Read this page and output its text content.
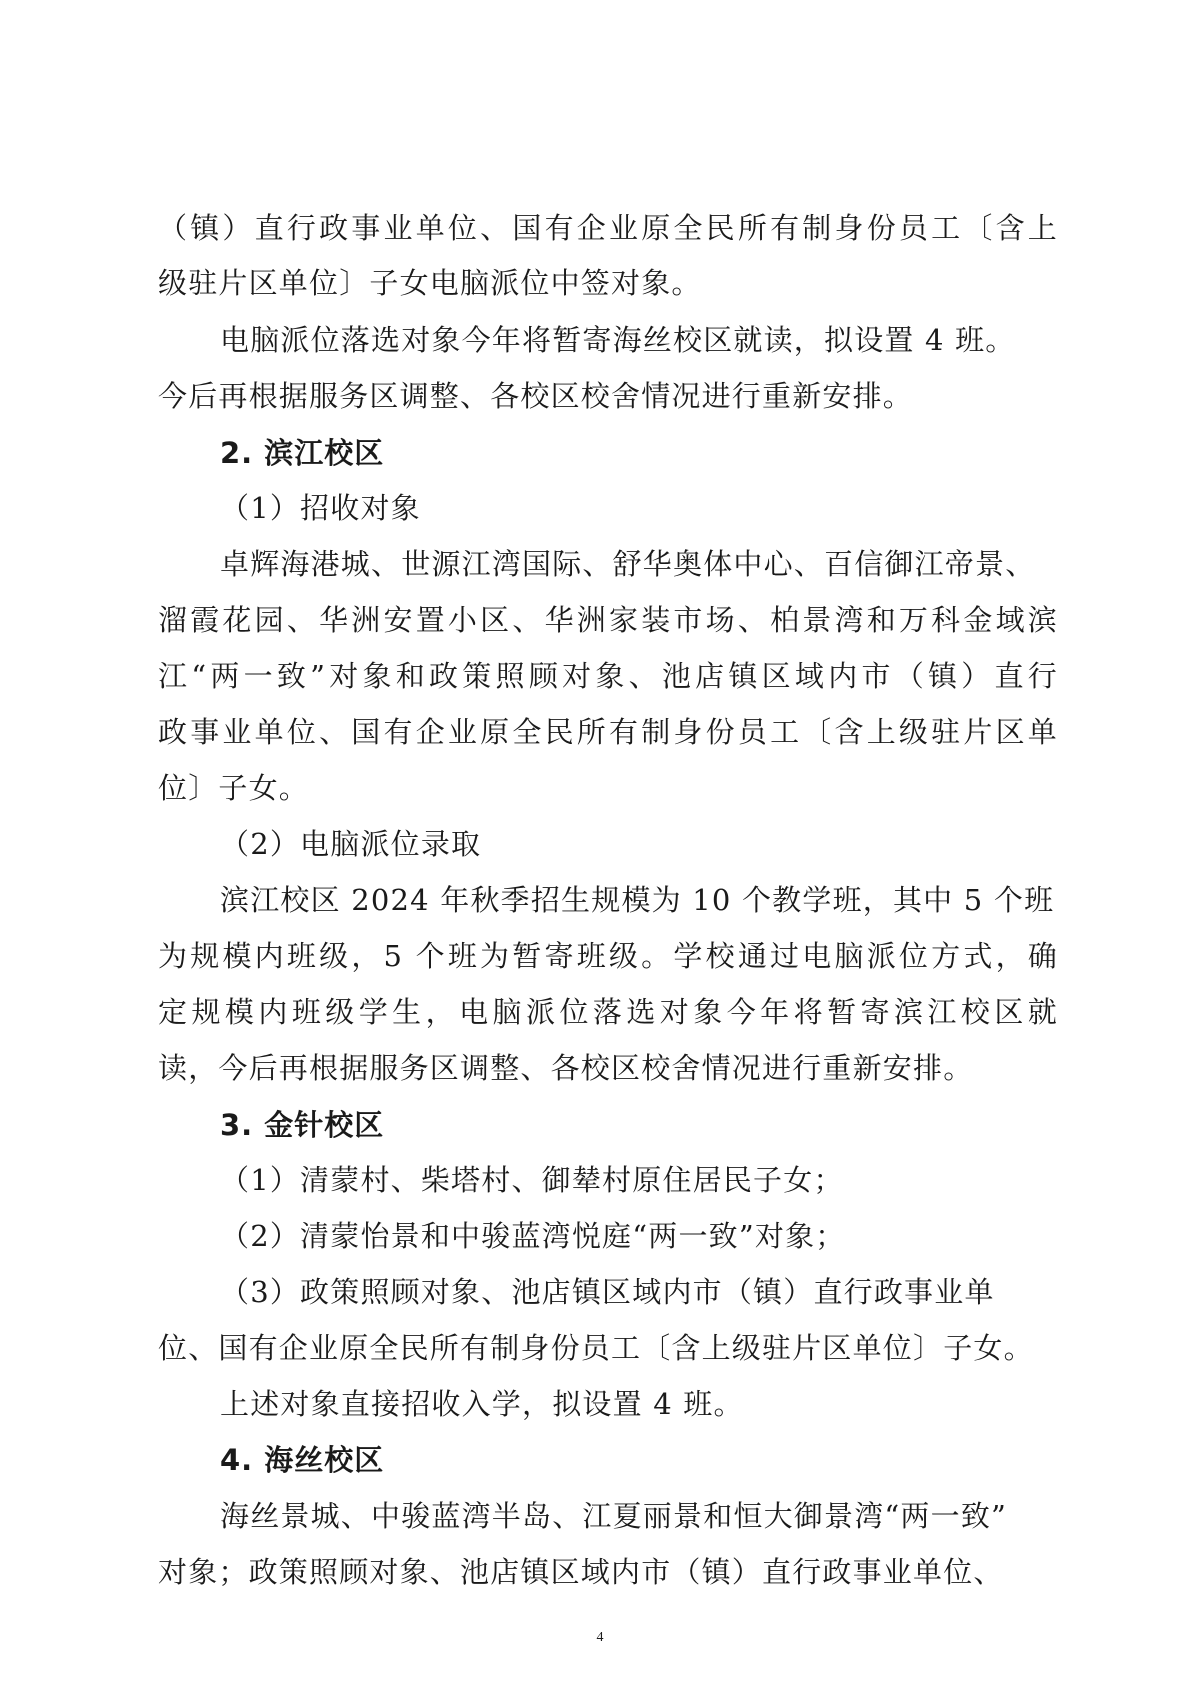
（镇）直行政事业单位、国有企业原全民所有制身份员工〔含上
级驻片区单位〕子女电脑派位中签对象。
电脑派位落选对象今年将暂寄海丝校区就读，拟设置 4 班。
今后再根据服务区调整、各校区校舍情况进行重新安排。
2. 滨江校区
（1）招收对象
卓辉海港城、世源江湾国际、舒华奥体中心、百信御江帝景、
溜霞花园、华洲安置小区、华洲家装市场、柏景湾和万科金域滨
江“两一致”对象和政策照顾对象、池店镇区域内市（镇）直行
政事业单位、国有企业原全民所有制身份员工〔含上级驻片区单
位〕子女。
（2）电脑派位录取
滨江校区 2024 年秋季招生规模为 10 个教学班，其中 5 个班
为规模内班级，5 个班为暂寄班级。学校通过电脑派位方式，确
定规模内班级学生，电脑派位落选对象今年将暂寄滨江校区就
读，今后再根据服务区调整、各校区校舍情况进行重新安排。
3. 金针校区
（1）清蒙村、柴塔村、御辇村原住居民子女；
（2）清蒙怡景和中骏蓝湾悦庭“两一致”对象；
（3）政策照顾对象、池店镇区域内市（镇）直行政事业单
位、国有企业原全民所有制身份员工〔含上级驻片区单位〕子女。
上述对象直接招收入学，拟设置 4 班。
4. 海丝校区
海丝景城、中骏蓝湾半岛、江夏丽景和恒大御景湾“两一致”
对象；政策照顾对象、池店镇区域内市（镇）直行政事业单位、
4
